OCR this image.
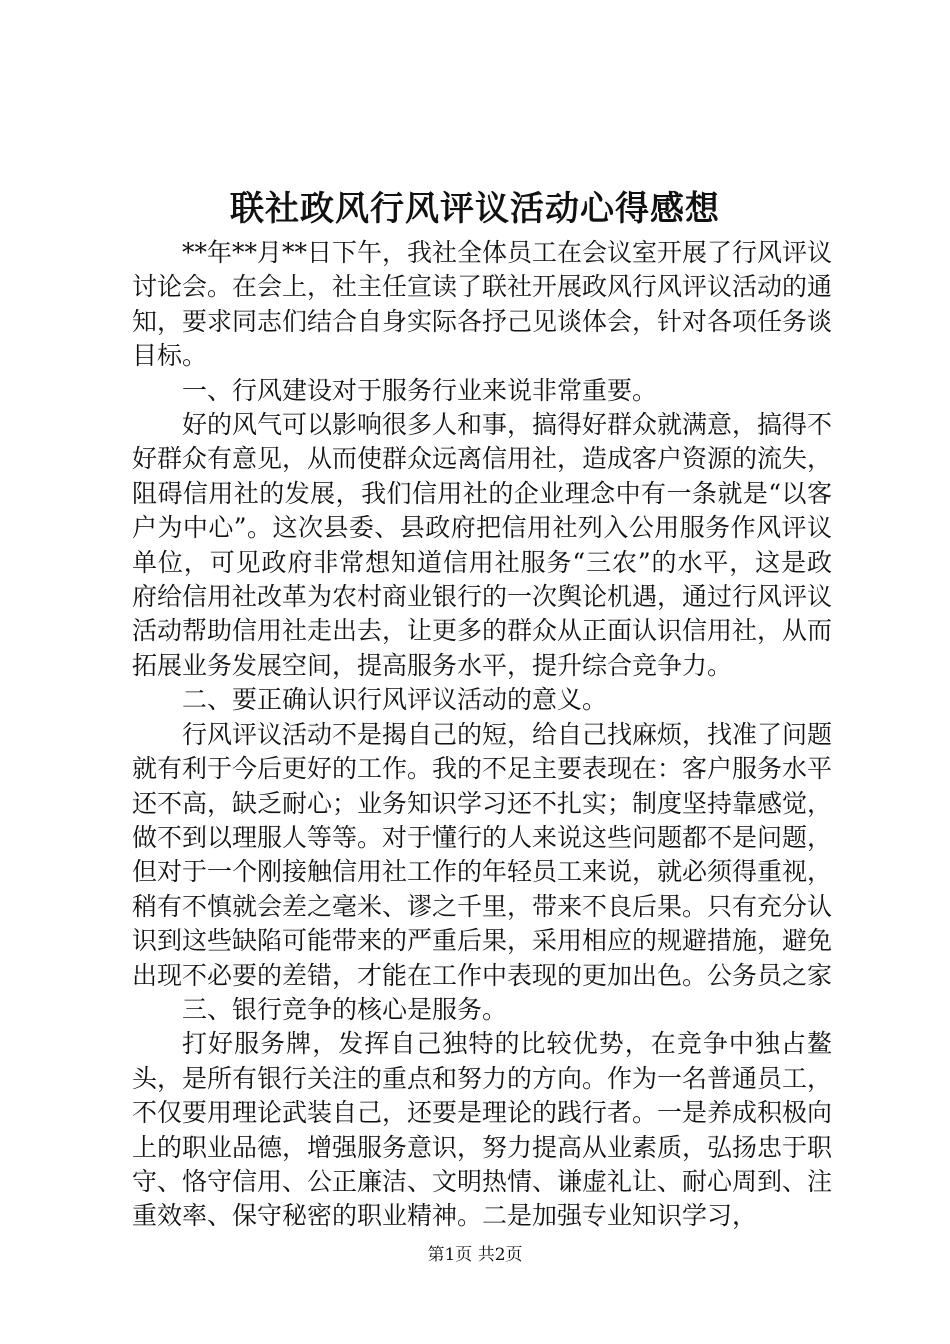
联社政风行风评议活动心得感想

**年**月**日下午，我社全体员工在会议室开展了行风评议讨论会。在会上，社主任宣读了联社开展政风行风评议活动的通知，要求同志们结合自身实际各抒己见谈体会，针对各项任务谈目标。

一、行风建设对于服务行业来说非常重要。

好的风气可以影响很多人和事，搞得好群众就满意，搞得不好群众有意见，从而使群众远离信用社，造成客户资源的流失，阻碍信用社的发展，我们信用社的企业理念中有一条就是“以客户为中心”。这次县委、县政府把信用社列入公用服务作风评议单位，可见政府非常想知道信用社服务“三农”的水平，这是政府给信用社改革为农村商业银行的一次舆论机遇，通过行风评议活动帮助信用社走出去，让更多的群众从正面认识信用社，从而拓展业务发展空间，提高服务水平，提升综合竞争力。

二、要正确认识行风评议活动的意义。

行风评议活动不是揭自己的短，给自己找麻烦，找准了问题就有利于今后更好的工作。我的不足主要表现在：客户服务水平还不高，缺乏耐心；业务知识学习还不扎实；制度坚持靠感觉，做不到以理服人等等。对于懂行的人来说这些问题都不是问题，但对于一个刚接触信用社工作的年轻员工来说，就必须得重视，稍有不慎就会差之毫米、谬之千里，带来不良后果。只有充分认识到这些缺陷可能带来的严重后果，采用相应的规避措施，避免出现不必要的差错，才能在工作中表现的更加出色。公务员之家

三、银行竞争的核心是服务。

打好服务牌，发挥自己独特的比较优势，在竞争中独占鳌头，是所有银行关注的重点和努力的方向。作为一名普通员工，不仅要用理论武装自己，还要是理论的践行者。一是养成积极向上的职业品德，增强服务意识，努力提高从业素质，弘扬忠于职守、恪守信用、公正廉洁、文明热情、谦虚礼让、耐心周到、注重效率、保守秘密的职业精神。二是加强专业知识学习，

第1页 共2页
